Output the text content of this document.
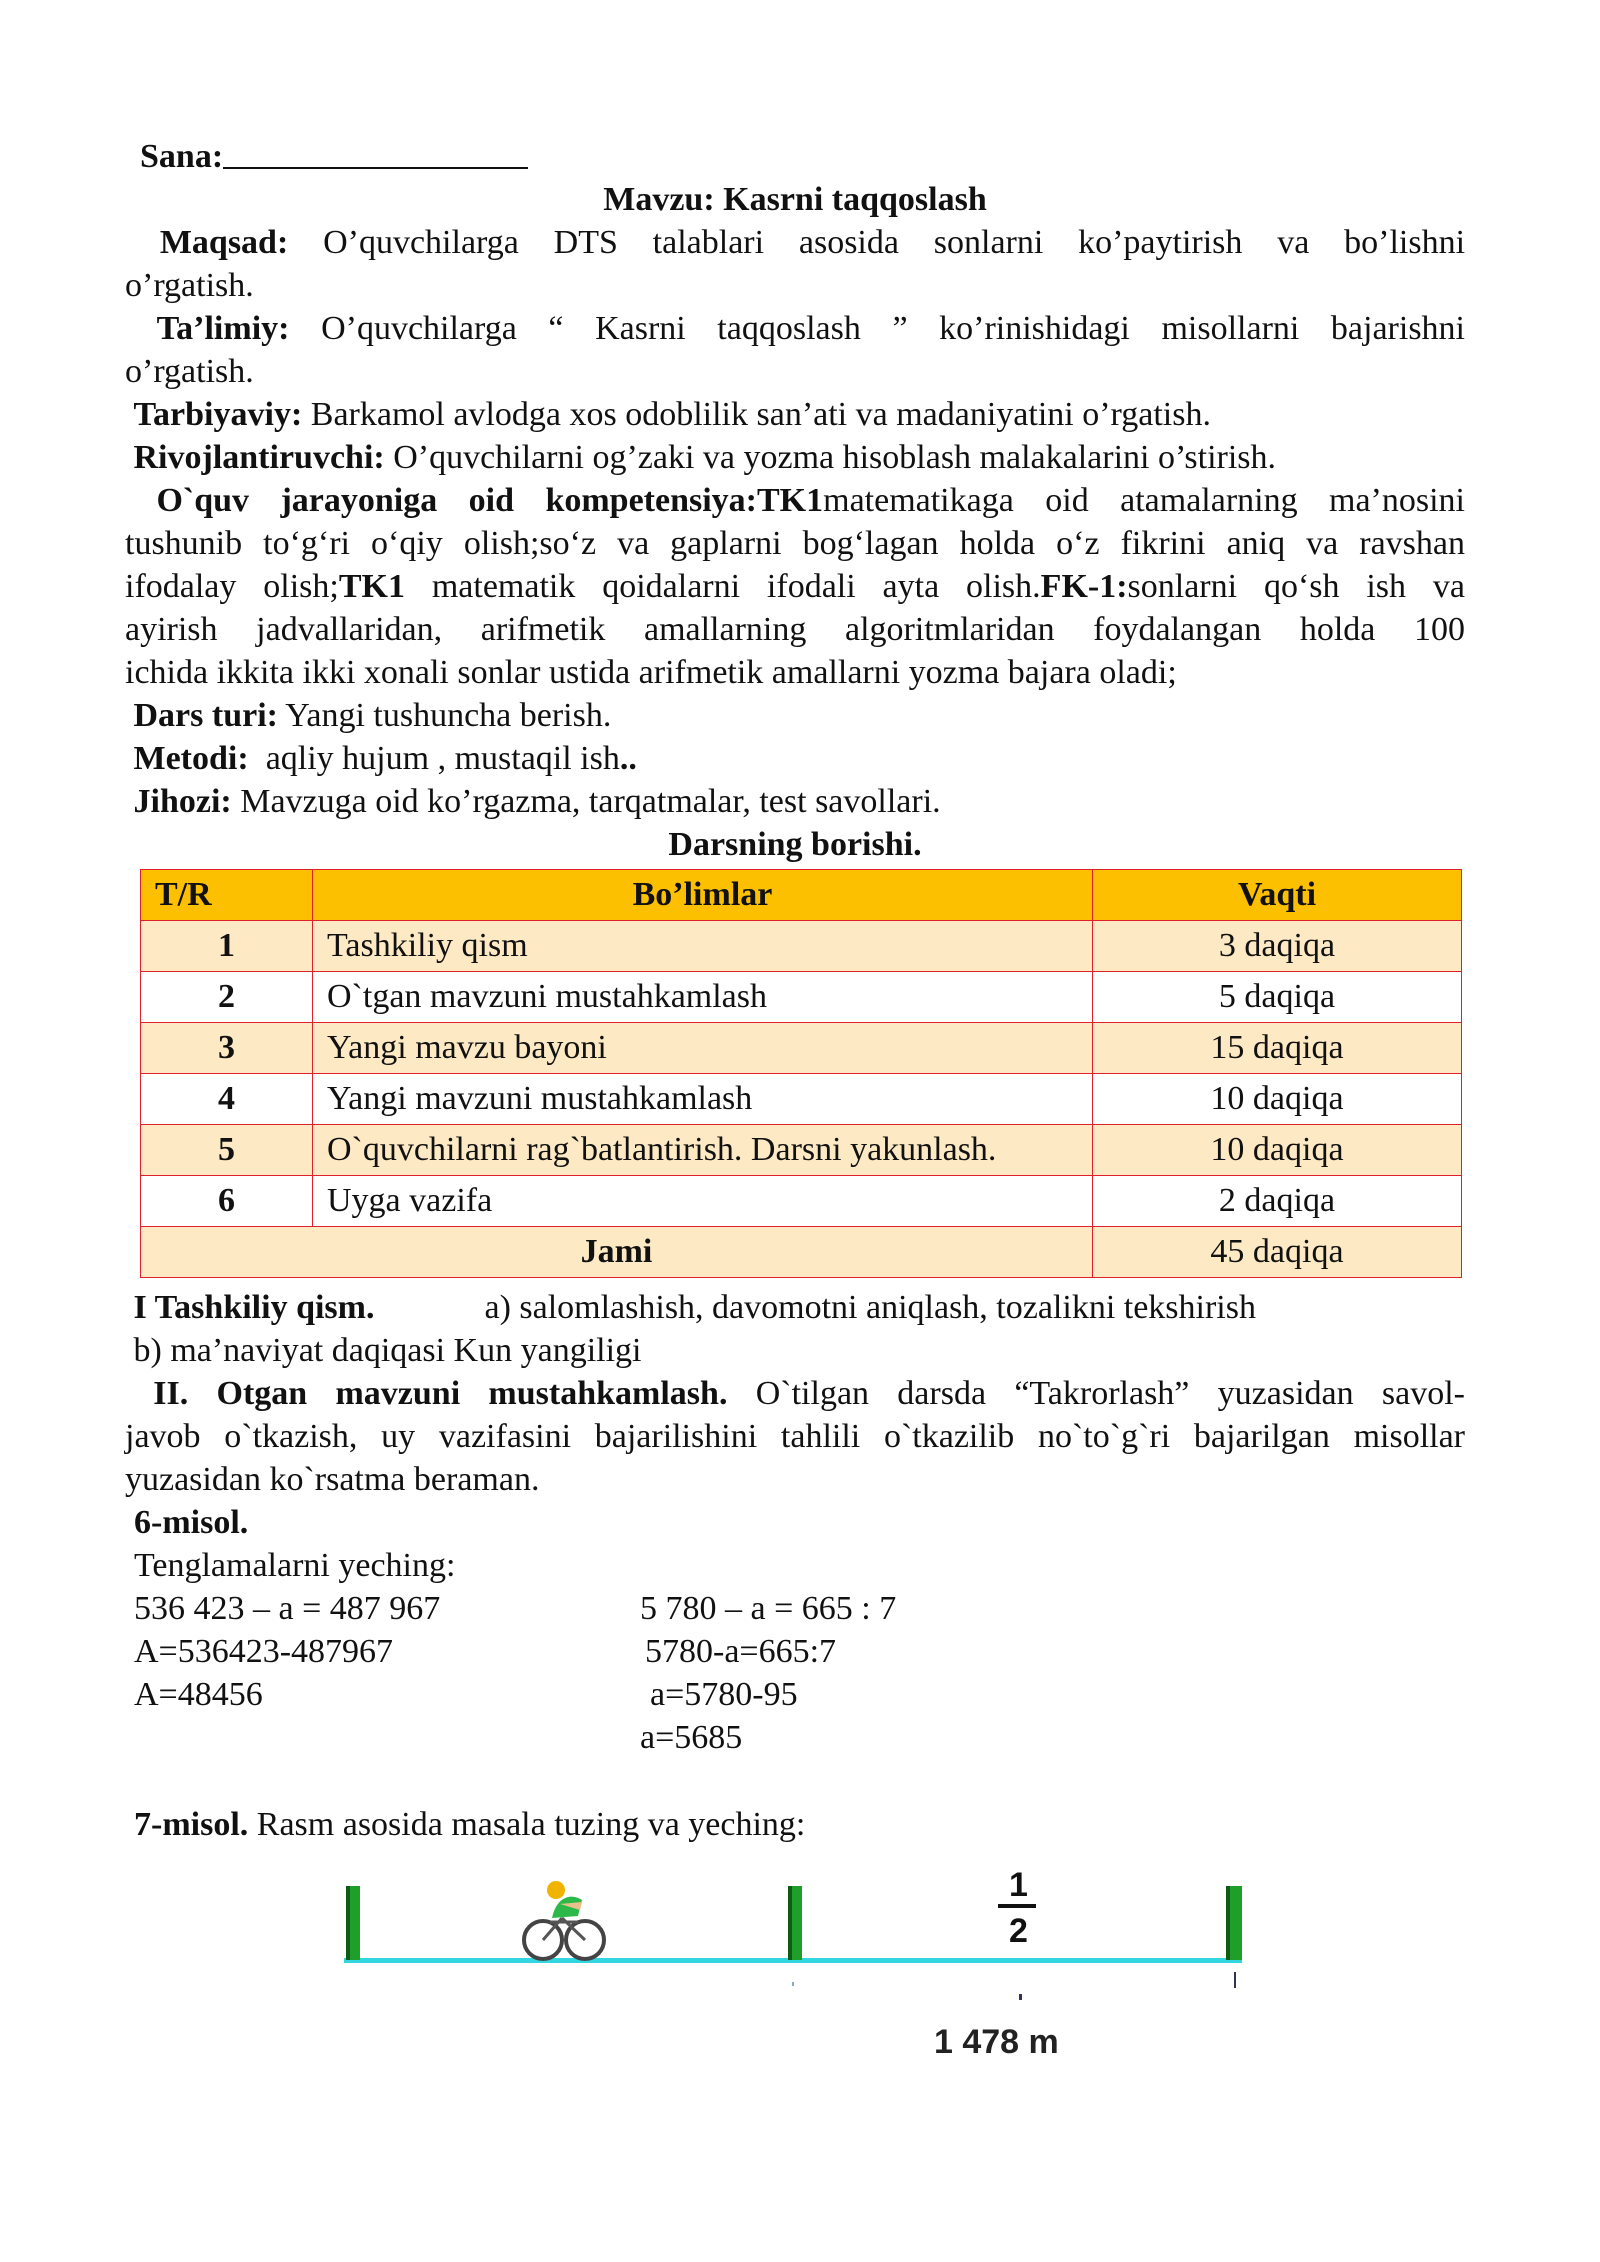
Sana:
Mavzu: Kasrni taqqoslash
Maqsad: O’quvchilarga DTS talablari asosida sonlarni ko’paytirish va bo’lishni
o’rgatish.
Ta’limiy: O’quvchilarga “ Kasrni taqqoslash ” ko’rinishidagi misollarni bajarishni
o’rgatish.
Tarbiyaviy: Barkamol avlodga xos odoblilik san’ati va madaniyatini o’rgatish.
Rivojlantiruvchi: O’quvchilarni og’zaki va yozma hisoblash malakalarini o’stirish.
O`quv jarayoniga oid kompetensiya:TK1matematikaga oid atamalarning ma’nosini
tushunib to‘g‘ri o‘qiy olish;so‘z va gaplarni bog‘lagan holda o‘z fikrini aniq va ravshan
ifodalay olish;TK1 matematik qoidalarni ifodali ayta olish.FK-1:sonlarni qo‘sh ish va
ayirish jadvallaridan, arifmetik amallarning algoritmlaridan foydalangan holda 100
ichida ikkita ikki xonali sonlar ustida arifmetik amallarni yozma bajara oladi;
Dars turi: Yangi tushuncha berish.
Metodi: aqliy hujum , mustaqil ish..
Jihozi: Mavzuga oid ko’rgazma, tarqatmalar, test savollari.
Darsning borishi.
T/R	Bo’limlar	Vaqti
1	Tashkiliy qism	3 daqiqa
2	O`tgan mavzuni mustahkamlash	5 daqiqa
3	Yangi mavzu bayoni	15 daqiqa
4	Yangi mavzuni mustahkamlash	10 daqiqa
5	O`quvchilarni rag`batlantirish. Darsni yakunlash.	10 daqiqa
6	Uyga vazifa	2 daqiqa
Jami		45 daqiqa
I Tashkiliy qism.	a) salomlashish, davomotni aniqlash, tozalikni tekshirish
b) ma’naviyat daqiqasi Kun yangiligi
II. Otgan mavzuni mustahkamlash. O`tilgan darsda “Takrorlash” yuzasidan savol-
javob o`tkazish, uy vazifasini bajarilishini tahlili o`tkazilib no`to`g`ri bajarilgan misollar
yuzasidan ko`rsatma beraman.
6-misol.
Tenglamalarni yeching:
536 423 – a = 487 967
A=536423-487967
A=48456
5 780 – a = 665 : 7
5780-a=665:7
a=5780-95
a=5685
7-misol. Rasm asosida masala tuzing va yeching:
1
2
1 478 m
